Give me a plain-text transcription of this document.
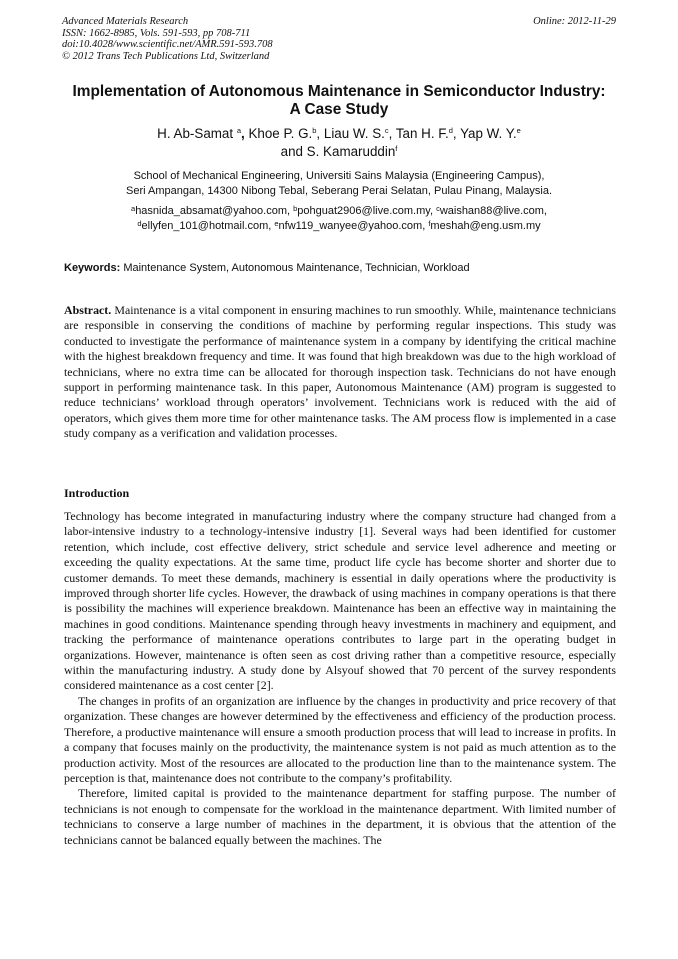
Advanced Materials Research
ISSN: 1662-8985, Vols. 591-593, pp 708-711
doi:10.4028/www.scientific.net/AMR.591-593.708
© 2012 Trans Tech Publications Ltd, Switzerland
Online: 2012-11-29
Implementation of Autonomous Maintenance in Semiconductor Industry:
A Case Study
H. Ab-Samat $^a$, Khoe P. G.$^b$, Liau W. S.$^c$, Tan H. F.$^d$, Yap W. Y.$^e$
and S. Kamaruddin$^f$
School of Mechanical Engineering, Universiti Sains Malaysia (Engineering Campus),
Seri Ampangan, 14300 Nibong Tebal, Seberang Perai Selatan, Pulau Pinang, Malaysia.
$^a$hasnida_absamat@yahoo.com, $^b$pohguat2906@live.com.my, $^c$waishan88@live.com,
$^d$ellyfen_101@hotmail.com, $^e$nfw119_wanyee@yahoo.com, $^f$meshah@eng.usm.my
Keywords: Maintenance System, Autonomous Maintenance, Technician, Workload

Abstract. Maintenance is a vital component in ensuring machines to run smoothly. While, maintenance technicians are responsible in conserving the conditions of machine by performing regular inspections. This study was conducted to investigate the performance of maintenance system in a company by identifying the critical machine with the highest breakdown frequency and time. It was found that high breakdown was due to the high workload of technicians, where no extra time can be allocated for thorough inspection task. Technicians do not have enough support in performing maintenance task. In this paper, Autonomous Maintenance (AM) program is suggested to reduce technicians’ workload through operators’ involvement. Technicians work is reduced with the aid of operators, which gives them more time for other maintenance tasks. The AM process flow is implemented in a case study company as a verification and validation processes.

Introduction

Technology has become integrated in manufacturing industry where the company structure had changed from a labor-intensive industry to a technology-intensive industry [1]. Several ways had been identified for customer retention, which include, cost effective delivery, strict schedule and service level adherence and meeting or exceeding the quality expectations. At the same time, product life cycle has become shorter and shorter due to customer demands. To meet these demands, machinery is essential in daily operations where the productivity is improved through shorter life cycles. However, the drawback of using machines in company operations is that there is possibility the machines will experience breakdown. Maintenance has been an effective way in maintaining the machines in good conditions. Maintenance spending through heavy investments in machinery and equipment, and tracking the performance of maintenance operations contributes to large part in the operating budget in organizations. However, maintenance is often seen as cost driving rather than a competitive resource, especially within the manufacturing industry. A study done by Alsyouf showed that 70 percent of the survey respondents considered maintenance as a cost center [2].

The changes in profits of an organization are influence by the changes in productivity and price recovery of that organization. These changes are however determined by the effectiveness and efficiency of the production process. Therefore, a productive maintenance will ensure a smooth production process that will lead to increase in profits. In a company that focuses mainly on the productivity, the maintenance system is not paid as much attention as to the production activity. Most of the resources are allocated to the production line than to the maintenance system. The perception is that, maintenance does not contribute to the company’s profitability.

Therefore, limited capital is provided to the maintenance department for staffing purpose. The number of technicians is not enough to compensate for the workload in the maintenance department. With limited number of technicians to conserve a large number of machines in the department, it is obvious that the attention of the technicians cannot be balanced equally between the machines. The
